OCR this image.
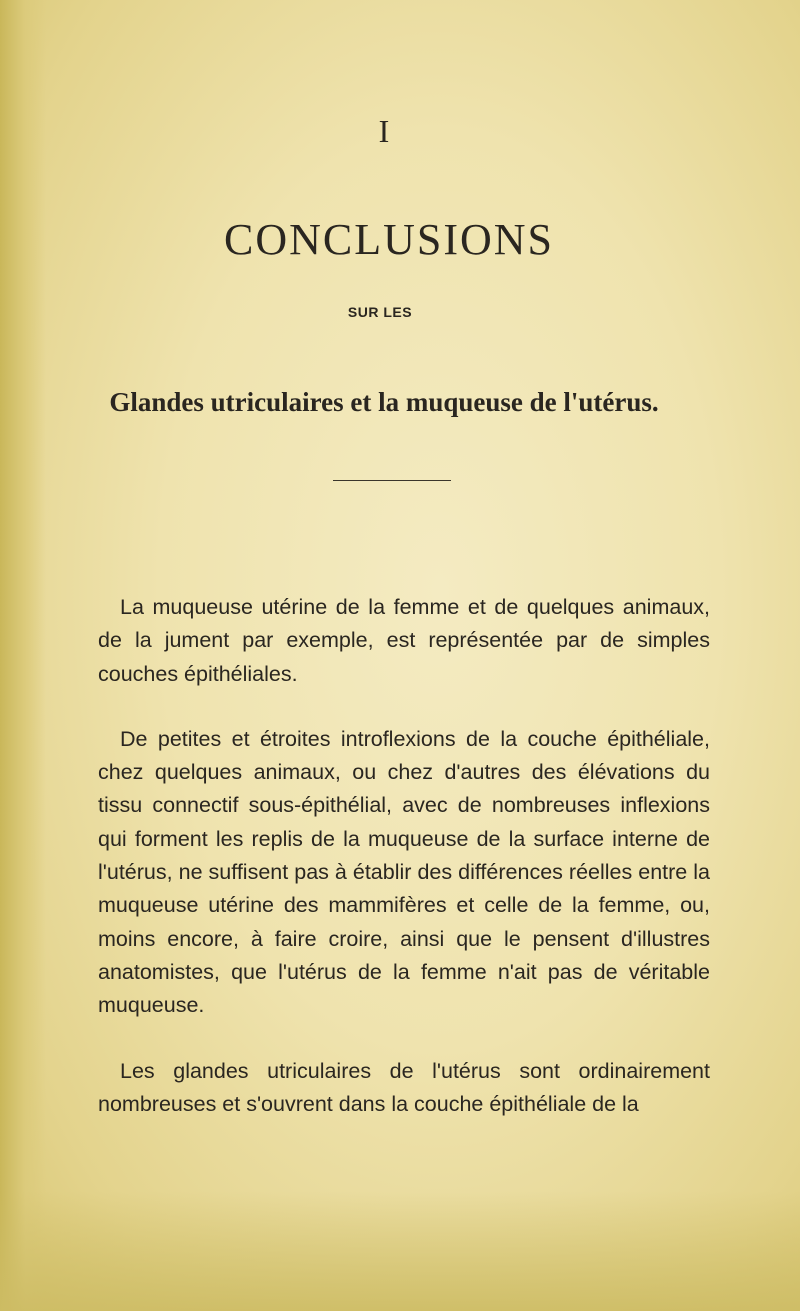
I
CONCLUSIONS
SUR LES
Glandes utriculaires et la muqueuse de l'utérus.

La muqueuse utérine de la femme et de quelques animaux, de la jument par exemple, est représentée par de simples couches épithéliales.

De petites et étroites introflexions de la couche épithéliale, chez quelques animaux, ou chez d'autres des élévations du tissu connectif sous-épithélial, avec de nombreuses inflexions qui forment les replis de la muqueuse de la surface interne de l'utérus, ne suffisent pas à établir des différences réelles entre la muqueuse utérine des mammifères et celle de la femme, ou, moins encore, à faire croire, ainsi que le pensent d'illustres anatomistes, que l'utérus de la femme n'ait pas de véritable muqueuse.

Les glandes utriculaires de l'utérus sont ordinairement nombreuses et s'ouvrent dans la couche épithéliale de la
